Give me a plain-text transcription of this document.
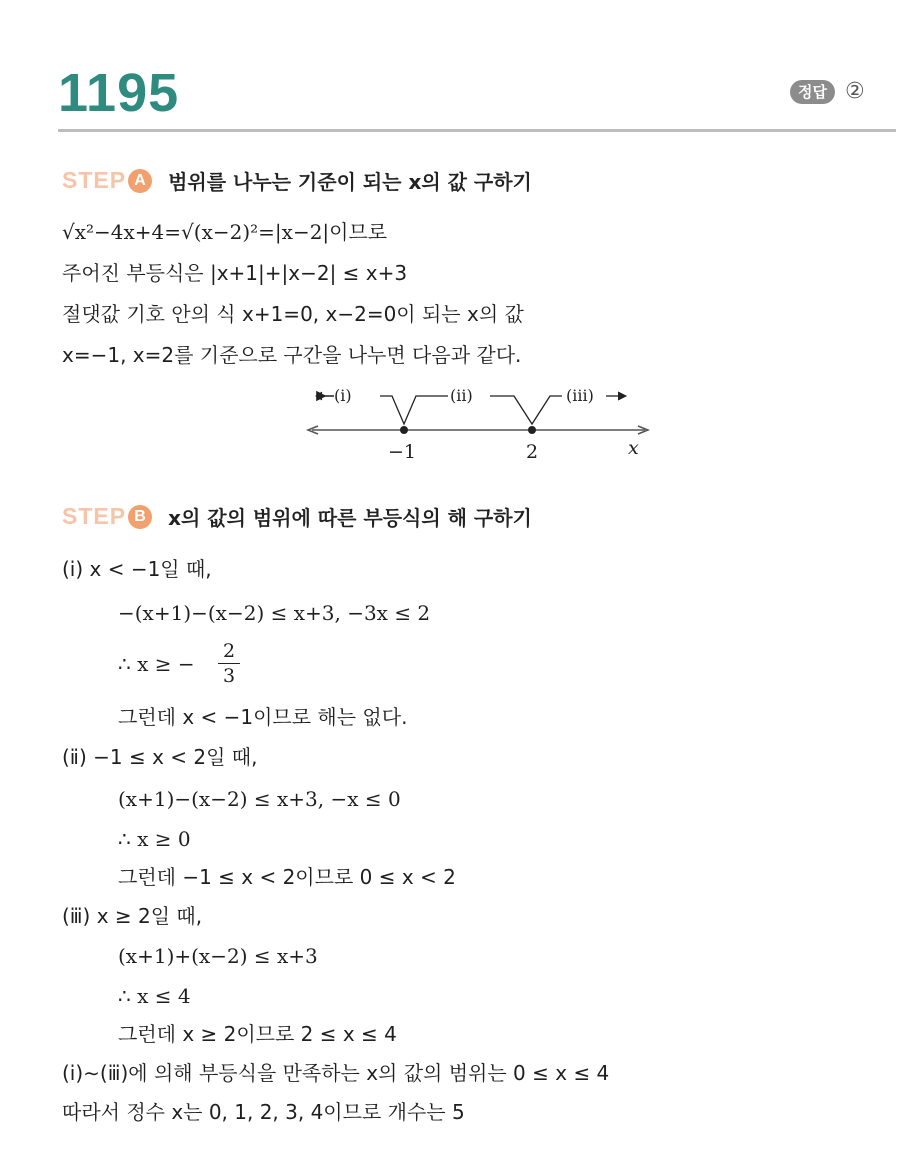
1195	정답 ②
STEP A	범위를 나누는 기준이 되는 x의 값 구하기
√x²−4x+4=√(x−2)²=|x−2|이므로
주어진 부등식은 |x+1|+|x−2| ≤ x+3
절댓값 기호 안의 식 x+1=0, x−2=0이 되는 x의 값
x=−1, x=2를 기준으로 구간을 나누면 다음과 같다.
(ⅰ)	(ⅱ)	(ⅲ)
−1	2	x
STEP B	x의 값의 범위에 따른 부등식의 해 구하기
(ⅰ) x < −1일 때,
−(x+1)−(x−2) ≤ x+3, −3x ≤ 2
∴ x ≥ −
2
3
그런데 x < −1이므로 해는 없다.
(ⅱ) −1 ≤ x < 2일 때,
(x+1)−(x−2) ≤ x+3, −x ≤ 0
∴ x ≥ 0
그런데 −1 ≤ x < 2이므로 0 ≤ x < 2
(ⅲ) x ≥ 2일 때,
(x+1)+(x−2) ≤ x+3
∴ x ≤ 4
그런데 x ≥ 2이므로 2 ≤ x ≤ 4
(ⅰ)∼(ⅲ)에 의해 부등식을 만족하는 x의 값의 범위는 0 ≤ x ≤ 4
따라서 정수 x는 0, 1, 2, 3, 4이므로 개수는 5
